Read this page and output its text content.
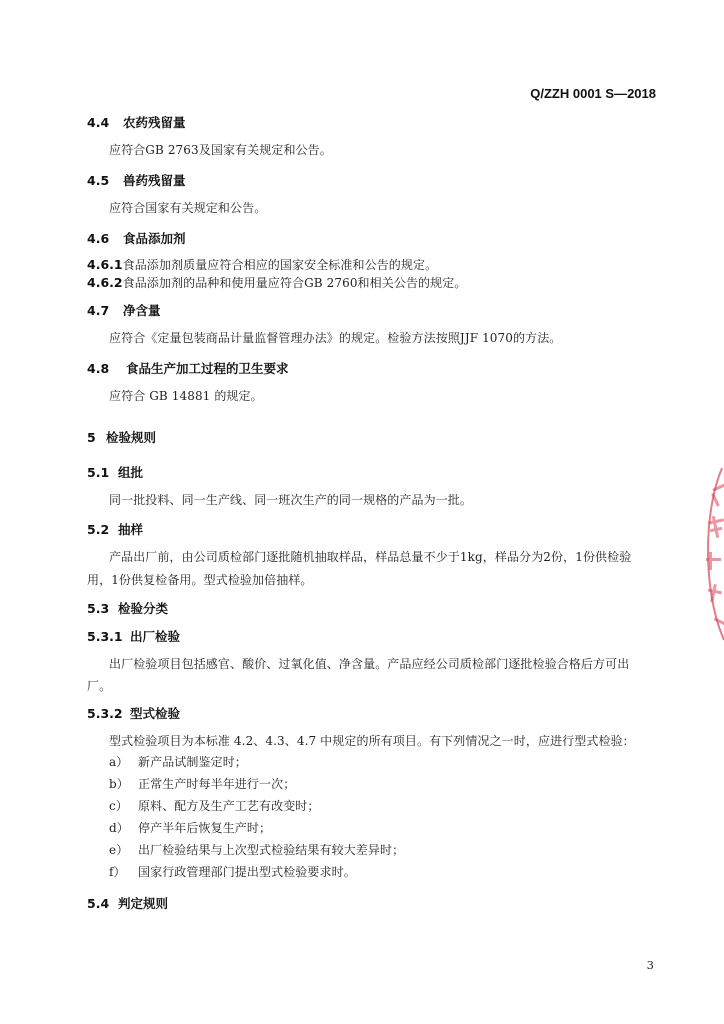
Q/ZZH 0001 S—2018
4.4 农药残留量
应符合GB 2763及国家有关规定和公告。
4.5 兽药残留量
应符合国家有关规定和公告。
4.6 食品添加剂
4.6.1食品添加剂质量应符合相应的国家安全标准和公告的规定。
4.6.2食品添加剂的品种和使用量应符合GB 2760和相关公告的规定。
4.7 净含量
应符合《定量包装商品计量监督管理办法》的规定。检验方法按照JJF 1070的方法。
4.8 食品生产加工过程的卫生要求
应符合 GB 14881 的规定。
5 检验规则
5.1 组批
同一批投料、同一生产线、同一班次生产的同一规格的产品为一批。
5.2 抽样
产品出厂前，由公司质检部门逐批随机抽取样品，样品总量不少于1kg，样品分为2份，1份供检验
用，1份供复检备用。型式检验加倍抽样。
5.3 检验分类
5.3.1 出厂检验
出厂检验项目包括感官、酸价、过氧化值、净含量。产品应经公司质检部门逐批检验合格后方可出
厂。
5.3.2 型式检验
型式检验项目为本标准 4.2、4.3、4.7 中规定的所有项目。有下列情况之一时，应进行型式检验：
a） 新产品试制鉴定时；
b） 正常生产时每半年进行一次；
c） 原料、配方及生产工艺有改变时；
d） 停产半年后恢复生产时；
e） 出厂检验结果与上次型式检验结果有较大差异时；
f） 国家行政管理部门提出型式检验要求时。
5.4 判定规则
3
